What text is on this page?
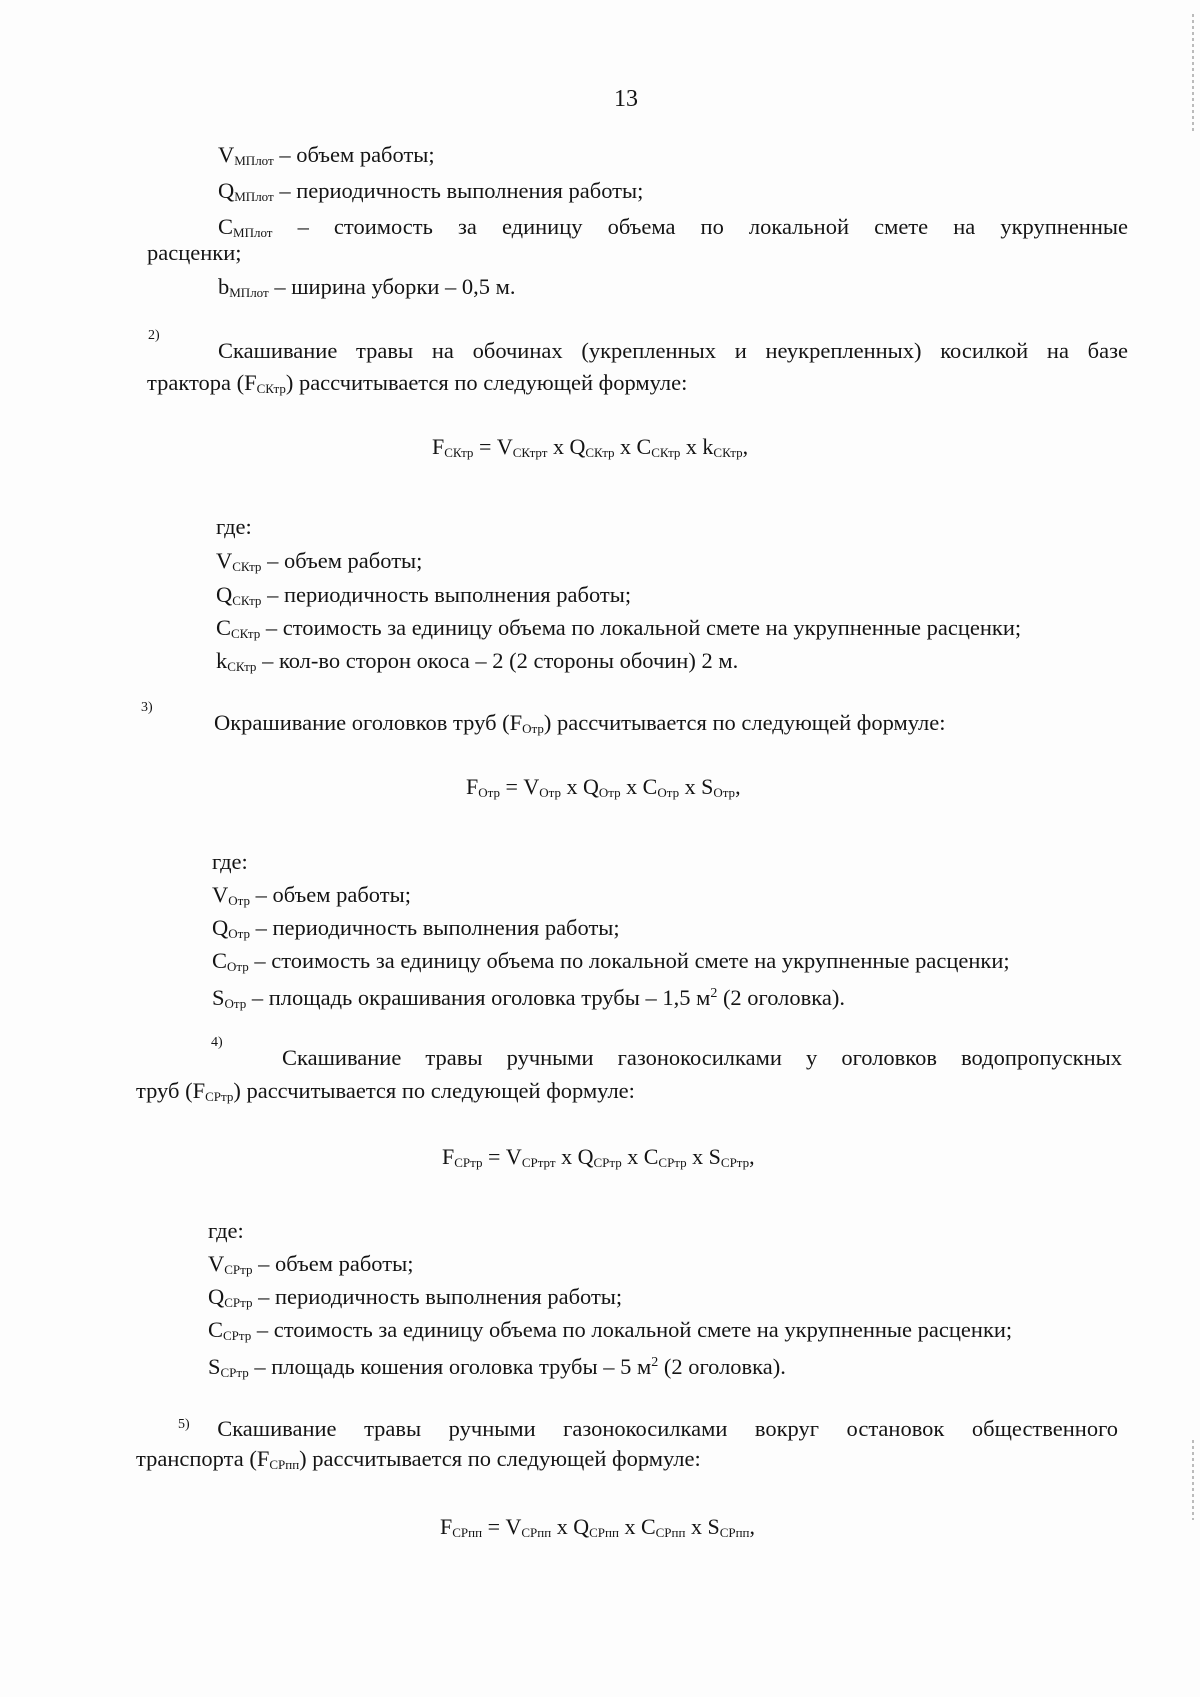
13
$V_{МПлот}$ – объем работы;
$Q_{МПлот}$ – периодичность выполнения работы;
$С_{МПлот}$ – стоимость за единицу объема по локальной смете на укрупненные
расценки;
$b_{МПлот}$ – ширина уборки – 0,5 м.
2)
Скашивание травы на обочинах (укрепленных и неукрепленных) косилкой на базе
трактора $(F_{СКтр})$ рассчитывается по следующей формуле:
$F_{СКтр} = V_{СКтрт}$ х $Q_{СКтр}$ х $С_{СКтр}$ х $k_{СКтр}$,
где:
$V_{СКтр}$ – объем работы;
$Q_{СКтр}$ – периодичность выполнения работы;
$С_{СКтр}$ – стоимость за единицу объема по локальной смете на укрупненные расценки;
$k_{СКтр} - кол-во$ сторон окоса – 2 (2 стороны обочин) 2 м.
3)
Окрашивание оголовков труб $(F_{Отр})$ рассчитывается по следующей формуле:
$F_{Отр} = V_{Отр}$ х $Q_{Отр}$ х $С_{Отр}$ х $S_{Отр}$,
где:
$V_{Отр}$ – объем работы;
$Q_{Отр}$ – периодичность выполнения работы;
$С_{Отр}$ – стоимость за единицу объема по локальной смете на укрупненные расценки;
$S_{Отр}$ – площадь окрашивания оголовка трубы – 1,5 $м^2$ (2 оголовка).
4)
Скашивание травы ручными газонокосилками у оголовков водопропускных
труб $(F_{СРтр})$ рассчитывается по следующей формуле:
$F_{СРтр} = V_{СРтрт}$ х $Q_{СРтр}$ х $С_{СРтр}$ х $S_{СРтр}$,
где:
$V_{СРтр}$ – объем работы;
$Q_{СРтр}$ – периодичность выполнения работы;
$С_{СРтр}$ – стоимость за единицу объема по локальной смете на укрупненные расценки;
$S_{СРтр}$ – площадь кошения оголовка трубы – 5 $м^2$ (2 оголовка).
$^{5)}$ Скашивание травы ручными газонокосилками вокруг остановок общественного
транспорта $(F_{СРпп})$ рассчитывается по следующей формуле:
$F_{СРпп} = V_{СРпп}$ х $Q_{СРпп}$ х $С_{СРпп}$ х $S_{СРпп}$,
